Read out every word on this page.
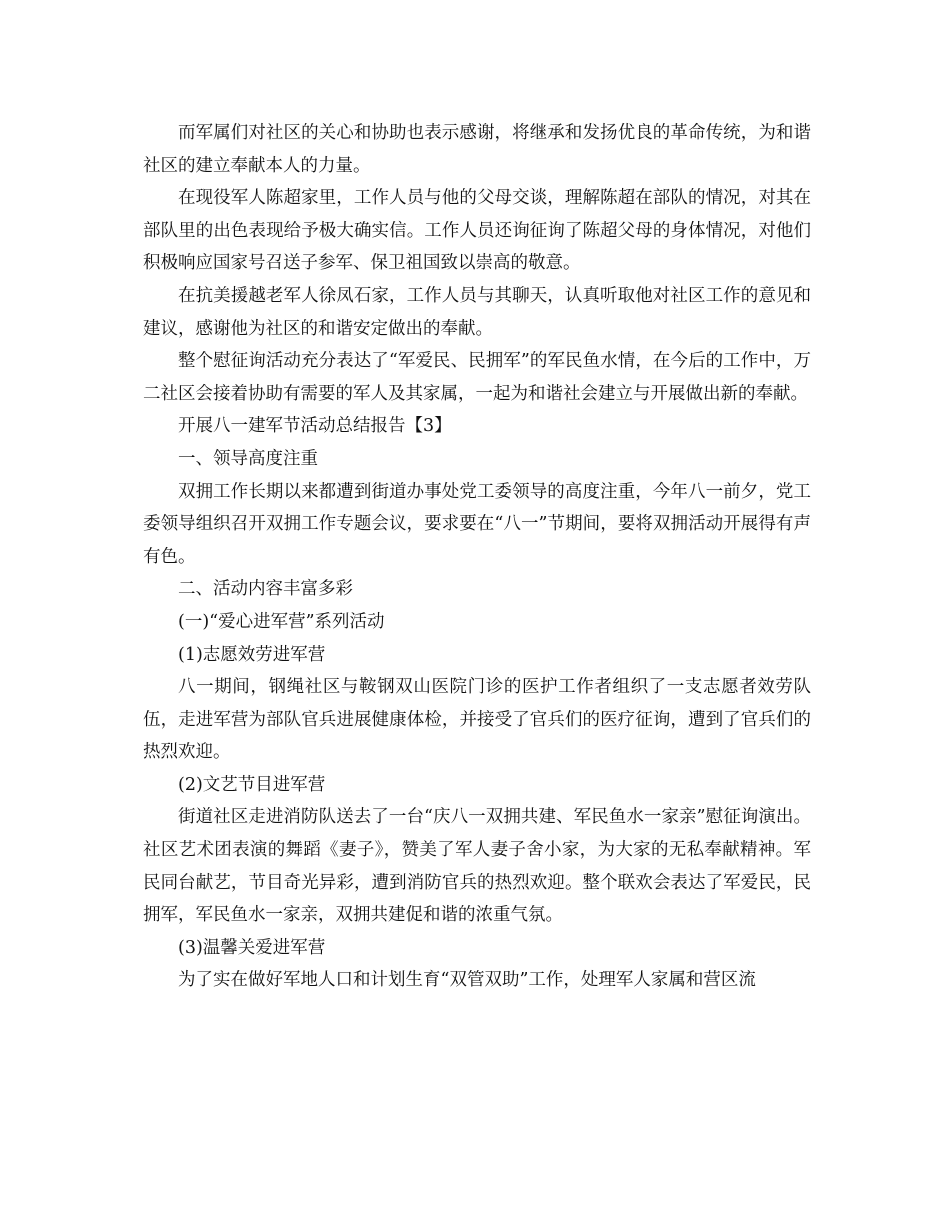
而军属们对社区的关心和协助也表示感谢，将继承和发扬优良的革命传统，为和谐社区的建立奉献本人的力量。

在现役军人陈超家里，工作人员与他的父母交谈，理解陈超在部队的情况，对其在部队里的出色表现给予极大确实信。工作人员还询征询了陈超父母的身体情况，对他们积极响应国家号召送子参军、保卫祖国致以崇高的敬意。

在抗美援越老军人徐凤石家，工作人员与其聊天，认真听取他对社区工作的意见和建议，感谢他为社区的和谐安定做出的奉献。

整个慰征询活动充分表达了“军爱民、民拥军”的军民鱼水情，在今后的工作中，万二社区会接着协助有需要的军人及其家属，一起为和谐社会建立与开展做出新的奉献。

开展八一建军节活动总结报告【3】

一、领导高度注重

双拥工作长期以来都遭到街道办事处党工委领导的高度注重，今年八一前夕，党工委领导组织召开双拥工作专题会议，要求要在“八一”节期间，要将双拥活动开展得有声有色。

二、活动内容丰富多彩

(一)“爱心进军营”系列活动

(1)志愿效劳进军营

八一期间，钢绳社区与鞍钢双山医院门诊的医护工作者组织了一支志愿者效劳队伍，走进军营为部队官兵进展健康体检，并接受了官兵们的医疗征询，遭到了官兵们的热烈欢迎。

(2)文艺节目进军营

街道社区走进消防队送去了一台“庆八一双拥共建、军民鱼水一家亲”慰征询演出。社区艺术团表演的舞蹈《妻子》，赞美了军人妻子舍小家，为大家的无私奉献精神。军民同台献艺，节目奇光异彩，遭到消防官兵的热烈欢迎。整个联欢会表达了军爱民，民拥军，军民鱼水一家亲，双拥共建促和谐的浓重气氛。

(3)温馨关爱进军营

为了实在做好军地人口和计划生育“双管双助”工作，处理军人家属和营区流
